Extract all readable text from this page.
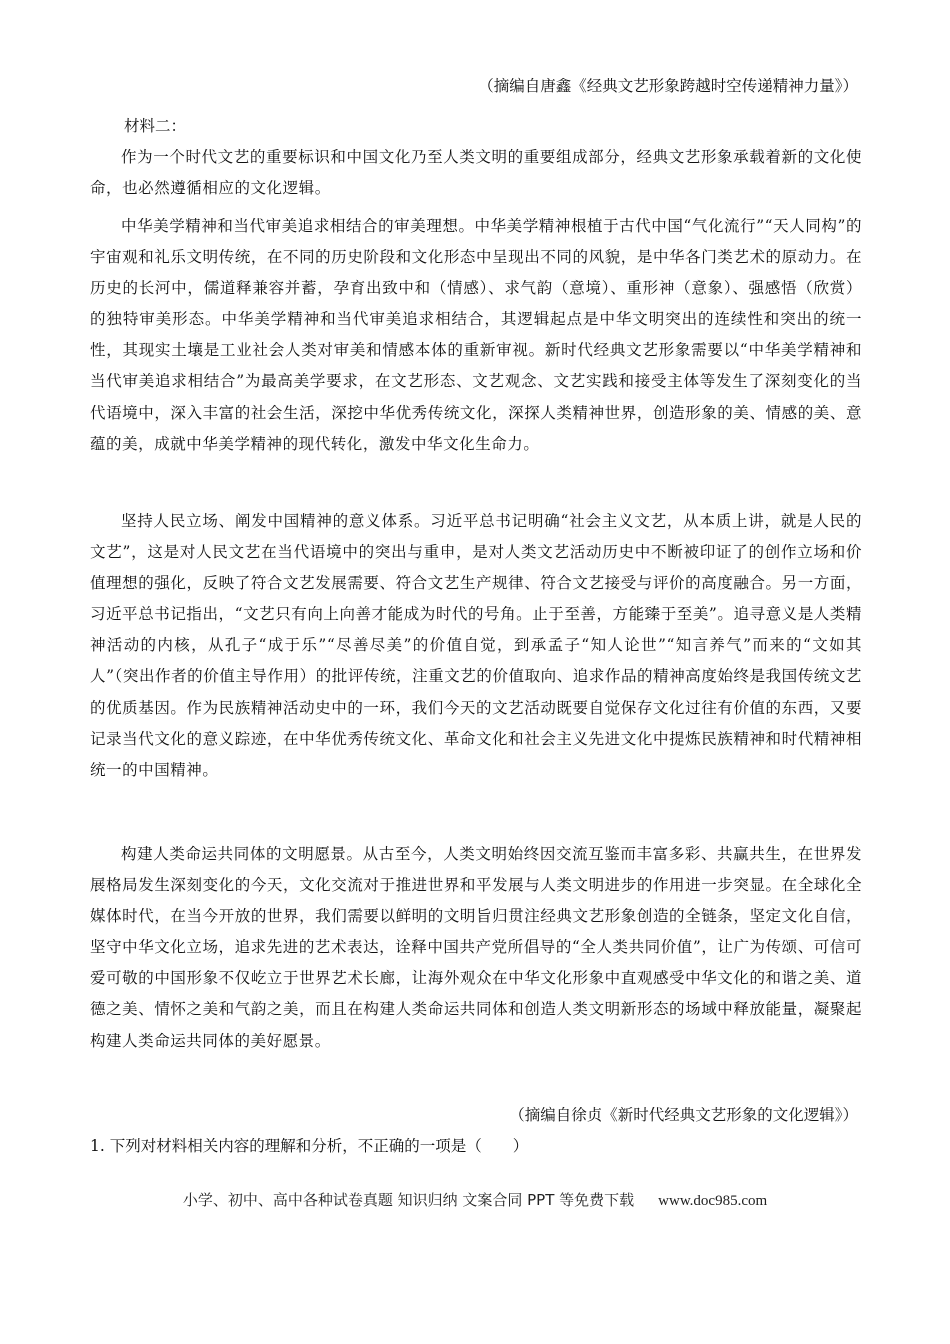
（摘编自唐鑫《经典文艺形象跨越时空传递精神力量》）
材料二：

作为一个时代文艺的重要标识和中国文化乃至人类文明的重要组成部分，经典文艺形象承载着新的文化使命，也必然遵循相应的文化逻辑。

中华美学精神和当代审美追求相结合的审美理想。中华美学精神根植于古代中国“气化流行”“天人同构”的宇宙观和礼乐文明传统，在不同的历史阶段和文化形态中呈现出不同的风貌，是中华各门类艺术的原动力。在历史的长河中，儒道释兼容并蓄，孕育出致中和（情感）、求气韵（意境）、重形神（意象）、强感悟（欣赏）的独特审美形态。中华美学精神和当代审美追求相结合，其逻辑起点是中华文明突出的连续性和突出的统一性，其现实土壤是工业社会人类对审美和情感本体的重新审视。新时代经典文艺形象需要以“中华美学精神和当代审美追求相结合”为最高美学要求，在文艺形态、文艺观念、文艺实践和接受主体等发生了深刻变化的当代语境中，深入丰富的社会生活，深挖中华优秀传统文化，深探人类精神世界，创造形象的美、情感的美、意蕴的美，成就中华美学精神的现代转化，激发中华文化生命力。

坚持人民立场、阐发中国精神的意义体系。习近平总书记明确“社会主义文艺，从本质上讲，就是人民的文艺”，这是对人民文艺在当代语境中的突出与重申，是对人类文艺活动历史中不断被印证了的创作立场和价值理想的强化，反映了符合文艺发展需要、符合文艺生产规律、符合文艺接受与评价的高度融合。另一方面，习近平总书记指出，“文艺只有向上向善才能成为时代的号角。止于至善，方能臻于至美”。追寻意义是人类精神活动的内核，从孔子“成于乐”“尽善尽美”的价值自觉，到承孟子“知人论世”“知言养气”而来的“文如其人”（突出作者的价值主导作用）的批评传统，注重文艺的价值取向、追求作品的精神高度始终是我国传统文艺的优质基因。作为民族精神活动史中的一环，我们今天的文艺活动既要自觉保存文化过往有价值的东西，又要记录当代文化的意义踪迹，在中华优秀传统文化、革命文化和社会主义先进文化中提炼民族精神和时代精神相统一的中国精神。

构建人类命运共同体的文明愿景。从古至今，人类文明始终因交流互鉴而丰富多彩、共赢共生，在世界发展格局发生深刻变化的今天，文化交流对于推进世界和平发展与人类文明进步的作用进一步突显。在全球化全媒体时代，在当今开放的世界，我们需要以鲜明的文明旨归贯注经典文艺形象创造的全链条，坚定文化自信，坚守中华文化立场，追求先进的艺术表达，诠释中国共产党所倡导的“全人类共同价值”，让广为传颂、可信可爱可敬的中国形象不仅屹立于世界艺术长廊，让海外观众在中华文化形象中直观感受中华文化的和谐之美、道德之美、情怀之美和气韵之美，而且在构建人类命运共同体和创造人类文明新形态的场域中释放能量，凝聚起构建人类命运共同体的美好愿景。

（摘编自徐贞《新时代经典文艺形象的文化逻辑》）
1. 下列对材料相关内容的理解和分析，不正确的一项是（　　）
小学、初中、高中各种试卷真题 知识归纳 文案合同 PPT 等免费下载 www.doc985.com
